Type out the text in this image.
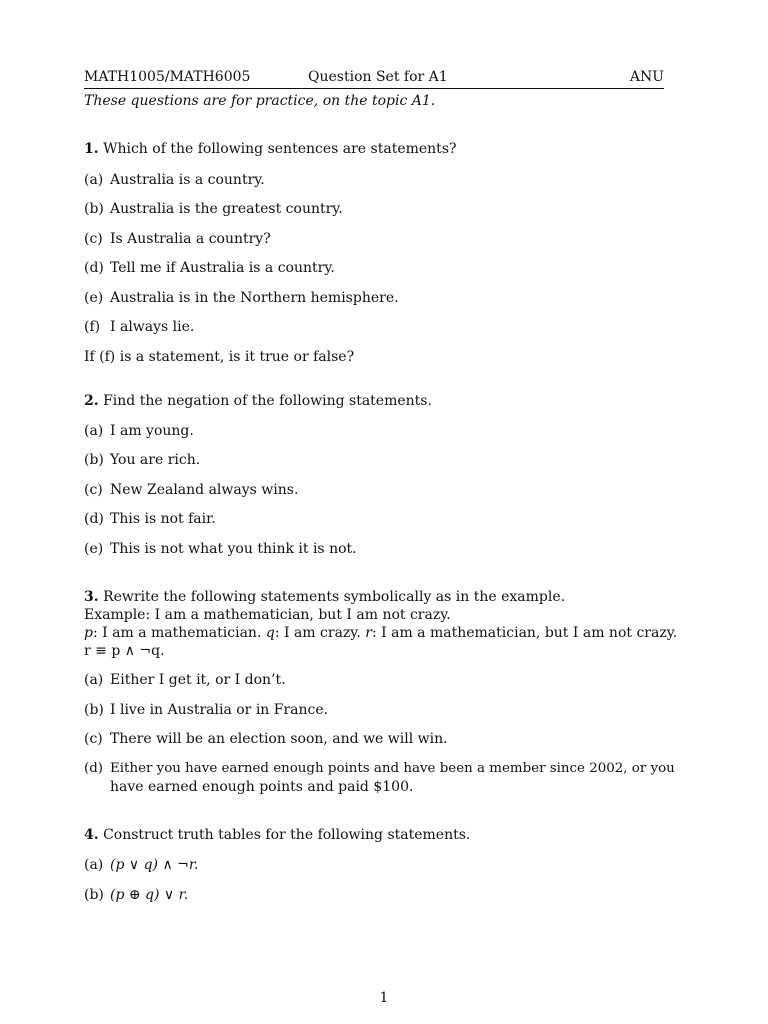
MATH1005/MATH6005	Question Set for A1	ANU
These questions are for practice, on the topic A1.
1. Which of the following sentences are statements?
(a) Australia is a country.
(b) Australia is the greatest country.
(c) Is Australia a country?
(d) Tell me if Australia is a country.
(e) Australia is in the Northern hemisphere.
(f) I always lie.
If (f) is a statement, is it true or false?
2. Find the negation of the following statements.
(a) I am young.
(b) You are rich.
(c) New Zealand always wins.
(d) This is not fair.
(e) This is not what you think it is not.
3. Rewrite the following statements symbolically as in the example.
Example: I am a mathematician, but I am not crazy.
p: I am a mathematician. q: I am crazy. r: I am a mathematician, but I am not crazy.
r ≡ p ∧ ¬q.
(a) Either I get it, or I don’t.
(b) I live in Australia or in France.
(c) There will be an election soon, and we will win.
(d) Either you have earned enough points and have been a member since 2002, or you
have earned enough points and paid $100.
4. Construct truth tables for the following statements.
(a) (p ∨ q) ∧ ¬r.
(b) (p ⊕ q) ∨ r.
1
